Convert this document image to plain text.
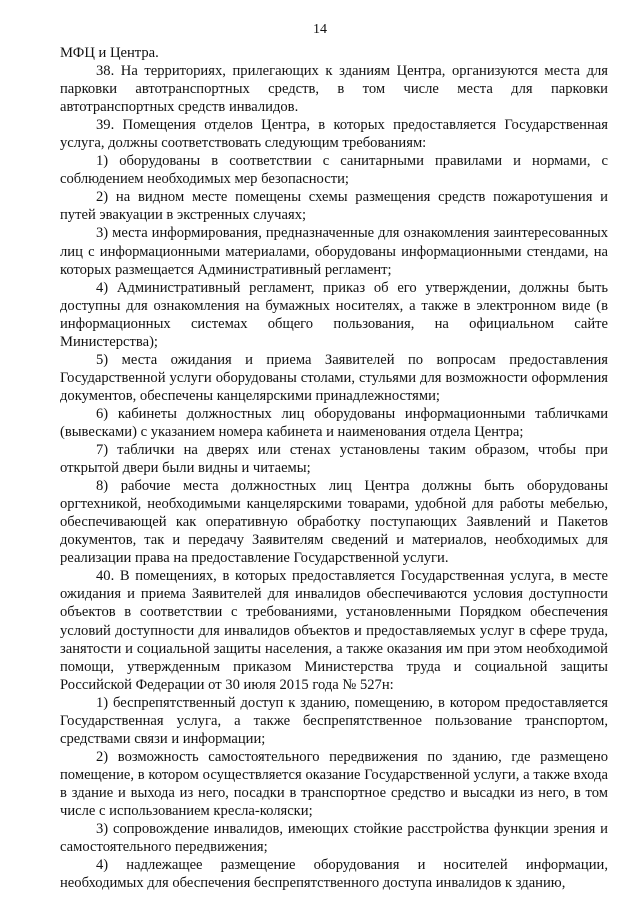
14

МФЦ и Центра.

38. На территориях, прилегающих к зданиям Центра, организуются места для парковки автотранспортных средств, в том числе места для парковки автотранспортных средств инвалидов.

39. Помещения отделов Центра, в которых предоставляется Государственная услуга, должны соответствовать следующим требованиям:

1) оборудованы в соответствии с санитарными правилами и нормами, с соблюдением необходимых мер безопасности;

2) на видном месте помещены схемы размещения средств пожаротушения и путей эвакуации в экстренных случаях;

3) места информирования, предназначенные для ознакомления заинтересованных лиц с информационными материалами, оборудованы информационными стендами, на которых размещается Административный регламент;

4) Административный регламент, приказ об его утверждении, должны быть доступны для ознакомления на бумажных носителях, а также в электронном виде (в информационных системах общего пользования, на официальном сайте Министерства);

5) места ожидания и приема Заявителей по вопросам предоставления Государственной услуги оборудованы столами, стульями для возможности оформления документов, обеспечены канцелярскими принадлежностями;

6) кабинеты должностных лиц оборудованы информационными табличками (вывесками) с указанием номера кабинета и наименования отдела Центра;

7) таблички на дверях или стенах установлены таким образом, чтобы при открытой двери были видны и читаемы;

8) рабочие места должностных лиц Центра должны быть оборудованы оргтехникой, необходимыми канцелярскими товарами, удобной для работы мебелью, обеспечивающей как оперативную обработку поступающих Заявлений и Пакетов документов, так и передачу Заявителям сведений и материалов, необходимых для реализации права на предоставление Государственной услуги.

40. В помещениях, в которых предоставляется Государственная услуга, в месте ожидания и приема Заявителей для инвалидов обеспечиваются условия доступности объектов в соответствии с требованиями, установленными Порядком обеспечения условий доступности для инвалидов объектов и предоставляемых услуг в сфере труда, занятости и социальной защиты населения, а также оказания им при этом необходимой помощи, утвержденным приказом Министерства труда и социальной защиты Российской Федерации от 30 июля 2015 года № 527н:

1) беспрепятственный доступ к зданию, помещению, в котором предоставляется Государственная услуга, а также беспрепятственное пользование транспортом, средствами связи и информации;

2) возможность самостоятельного передвижения по зданию, где размещено помещение, в котором осуществляется оказание Государственной услуги, а также входа в здание и выхода из него, посадки в транспортное средство и высадки из него, в том числе с использованием кресла-коляски;

3) сопровождение инвалидов, имеющих стойкие расстройства функции зрения и самостоятельного передвижения;

4) надлежащее размещение оборудования и носителей информации, необходимых для обеспечения беспрепятственного доступа инвалидов к зданию,
